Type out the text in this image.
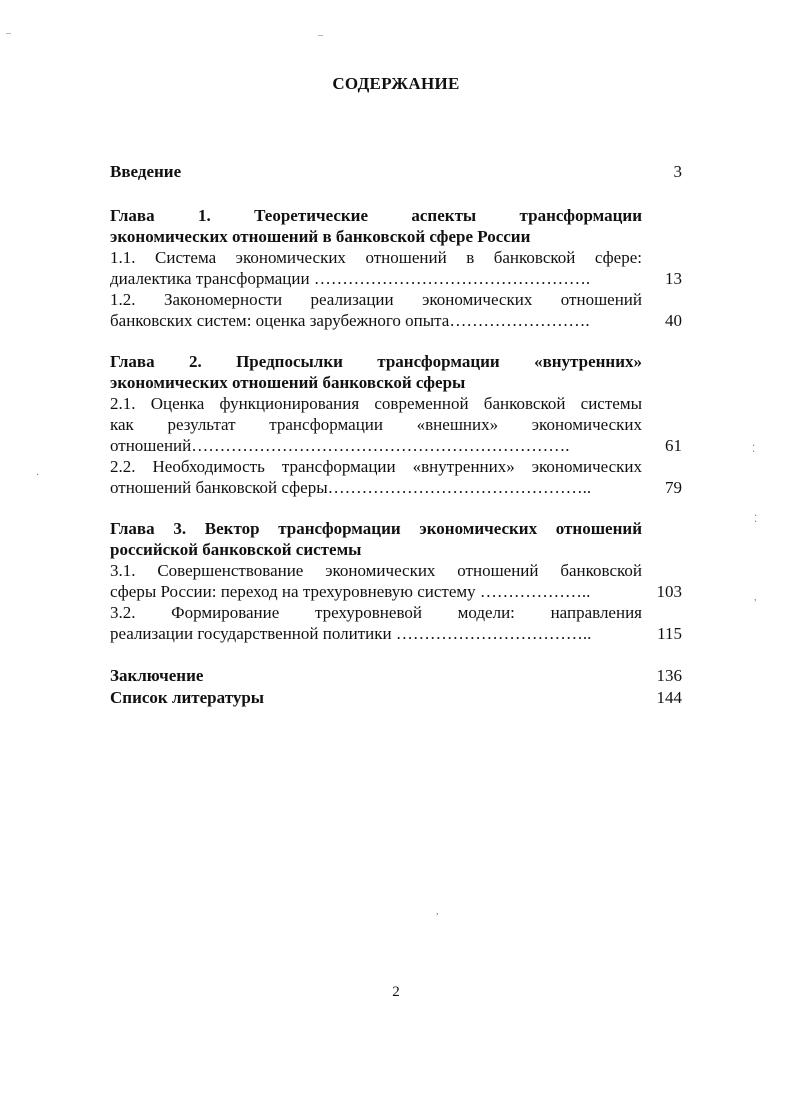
СОДЕРЖАНИЕ
Введение	3
Глава 1. Теоретические аспекты трансформации
экономических отношений в банковской сфере России
1.1. Система экономических отношений в банковской сфере:
диалектика трансформации ………………………………………….	13
1.2. Закономерности реализации экономических отношений
банковских систем: оценка зарубежного опыта…………………….	40
Глава 2. Предпосылки трансформации «внутренних»
экономических отношений банковской сферы
2.1. Оценка функционирования современной банковской системы
как результат трансформации «внешних» экономических
отношений………………………………………………………….	61
2.2. Необходимость трансформации «внутренних» экономических
отношений банковской сферы………………………………………..	79
Глава 3. Вектор трансформации экономических отношений
российской банковской системы
3.1. Совершенствование экономических отношений банковской
сферы России: переход на трехуровневую систему ………………..	103
3.2. Формирование трехуровневой модели: направления
реализации государственной политики ……………………………..	115
Заключение	136
Список литературы	144
–	–
⁚
·
⁚
,
,
2
